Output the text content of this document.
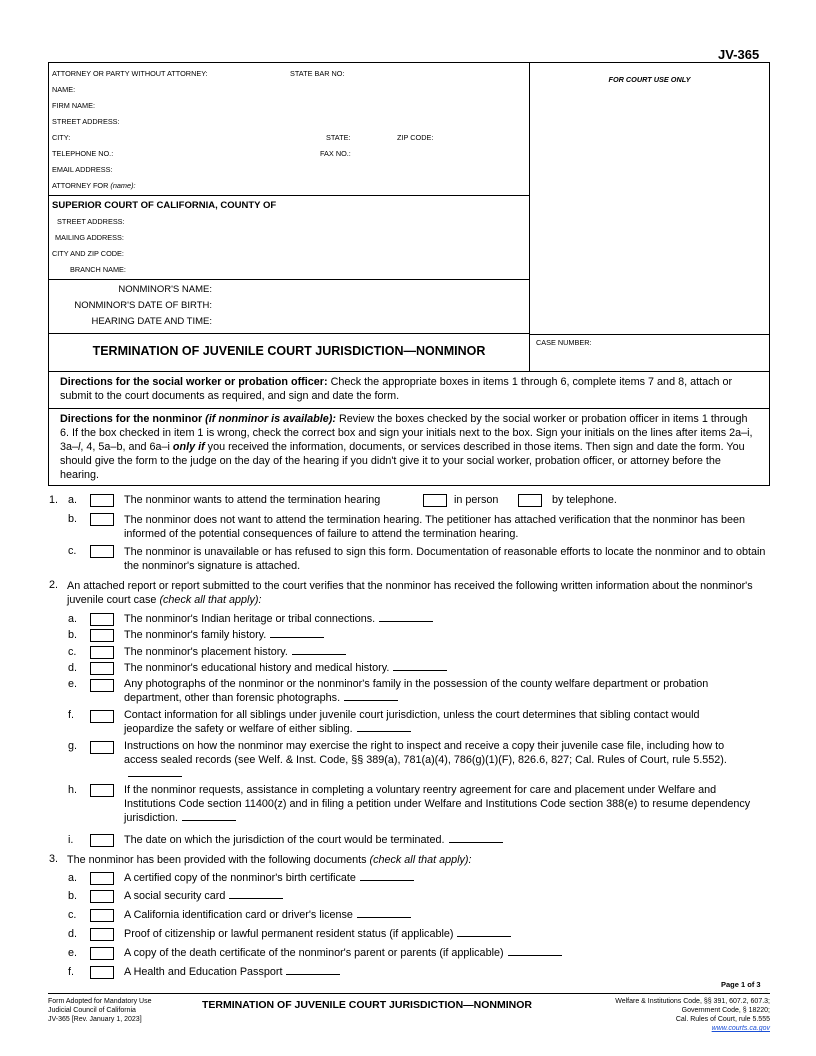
JV-365
ATTORNEY OR PARTY WITHOUT ATTORNEY:	STATE BAR NO:
NAME:
FIRM NAME:
STREET ADDRESS:
CITY:	STATE:	ZIP CODE:
TELEPHONE NO.:	FAX NO.:
EMAIL ADDRESS:
ATTORNEY FOR (name):
SUPERIOR COURT OF CALIFORNIA, COUNTY OF
STREET ADDRESS:
MAILING ADDRESS:
CITY AND ZIP CODE:
BRANCH NAME:
NONMINOR'S NAME:
NONMINOR'S DATE OF BIRTH:
HEARING DATE AND TIME:
TERMINATION OF JUVENILE COURT JURISDICTION—NONMINOR
FOR COURT USE ONLY
CASE NUMBER:
Directions for the social worker or probation officer: Check the appropriate boxes in items 1 through 6, complete items 7 and 8, attach or submit to the court documents as required, and sign and date the form.
Directions for the nonminor (if nonminor is available): Review the boxes checked by the social worker or probation officer in items 1 through 6. If the box checked in item 1 is wrong, check the correct box and sign your initials next to the box. Sign your initials on the lines after items 2a–i, 3a–l, 4, 5a–b, and 6a–i only if you received the information, documents, or services described in those items. Then sign and date the form. You should give the form to the judge on the day of the hearing if you didn't give it to your social worker, probation officer, or attorney before the hearing.
1. a.	The nonminor wants to attend the termination hearing	in person	by telephone.
b.	The nonminor does not want to attend the termination hearing. The petitioner has attached verification that the nonminor has been informed of the potential consequences of failure to attend the termination hearing.
c.	The nonminor is unavailable or has refused to sign this form. Documentation of reasonable efforts to locate the nonminor and to obtain the nonminor's signature is attached.
2. An attached report or report submitted to the court verifies that the nonminor has received the following written information about the nonminor's juvenile court case (check all that apply):
a.	The nonminor's Indian heritage or tribal connections.
b.	The nonminor's family history.
c.	The nonminor's placement history.
d.	The nonminor's educational history and medical history.
e.	Any photographs of the nonminor or the nonminor's family in the possession of the county welfare department or probation department, other than forensic photographs.
f.	Contact information for all siblings under juvenile court jurisdiction, unless the court determines that sibling contact would jeopardize the safety or welfare of either sibling.
g.	Instructions on how the nonminor may exercise the right to inspect and receive a copy their juvenile case file, including how to access sealed records (see Welf. & Inst. Code, §§ 389(a), 781(a)(4), 786(g)(1)(F), 826.6, 827; Cal. Rules of Court, rule 5.552).
h.	If the nonminor requests, assistance in completing a voluntary reentry agreement for care and placement under Welfare and Institutions Code section 11400(z) and in filing a petition under Welfare and Institutions Code section 388(e) to resume dependency jurisdiction.
i.	The date on which the jurisdiction of the court would be terminated.
3. The nonminor has been provided with the following documents (check all that apply):
a.	A certified copy of the nonminor's birth certificate
b.	A social security card
c.	A California identification card or driver's license
d.	Proof of citizenship or lawful permanent resident status (if applicable)
e.	A copy of the death certificate of the nonminor's parent or parents (if applicable)
f.	A Health and Education Passport
Page 1 of 3
Form Adopted for Mandatory Use
Judicial Council of California
JV-365 [Rev. January 1, 2023]
TERMINATION OF JUVENILE COURT JURISDICTION—NONMINOR	Welfare & Institutions Code, §§ 391, 607.2, 607.3;
Government Code, § 18220;
Cal. Rules of Court, rule 5.555
www.courts.ca.gov
